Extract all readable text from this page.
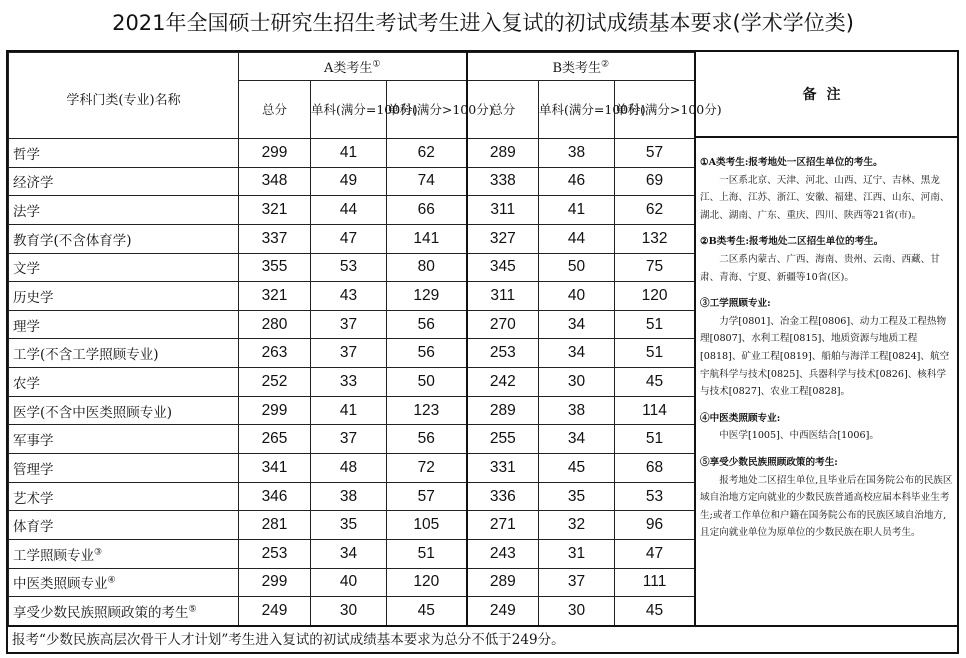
2021年全国硕士研究生招生考试考生进入复试的初试成绩基本要求(学术学位类)
学科门类(专业)名称	A类考生①			B类考生②
	总分	单科(满分=100分)	单科(满分>100分)	总分	单科(满分=100分)	单科(满分>100分)
哲学	299	41	62	289	38	57
经济学	348	49	74	338	46	69
法学	321	44	66	311	41	62
教育学(不含体育学)	337	47	141	327	44	132
文学	355	53	80	345	50	75
历史学	321	43	129	311	40	120
理学	280	37	56	270	34	51
工学(不含工学照顾专业)	263	37	56	253	34	51
农学	252	33	50	242	30	45
医学(不含中医类照顾专业)	299	41	123	289	38	114
军事学	265	37	56	255	34	51
管理学	341	48	72	331	45	68
艺术学	346	38	57	336	35	53
体育学	281	35	105	271	32	96
工学照顾专业③	253	34	51	243	31	47
中医类照顾专业④	299	40	120	289	37	111
享受少数民族照顾政策的考生⑤	249	30	45	249	30	45
备注
①A类考生:报考地处一区招生单位的考生。
一区系北京、天津、河北、山西、辽宁、吉林、黑龙江、上海、江苏、浙江、安徽、福建、江西、山东、河南、湖北、湖南、广东、重庆、四川、陕西等21省(市)。
②B类考生:报考地处二区招生单位的考生。
二区系内蒙古、广西、海南、贵州、云南、西藏、甘肃、青海、宁夏、新疆等10省(区)。
③工学照顾专业:
力学[0801]、冶金工程[0806]、动力工程及工程热物理[0807]、水利工程[0815]、地质资源与地质工程[0818]、矿业工程[0819]、船舶与海洋工程[0824]、航空宇航科学与技术[0825]、兵器科学与技术[0826]、核科学与技术[0827]、农业工程[0828]。
④中医类照顾专业:
中医学[1005]、中西医结合[1006]。
⑤享受少数民族照顾政策的考生:
报考地处二区招生单位,且毕业后在国务院公布的民族区域自治地方定向就业的少数民族普通高校应届本科毕业生考生;或者工作单位和户籍在国务院公布的民族区域自治地方,且定向就业单位为原单位的少数民族在职人员考生。
报考“少数民族高层次骨干人才计划”考生进入复试的初试成绩基本要求为总分不低于249分。
